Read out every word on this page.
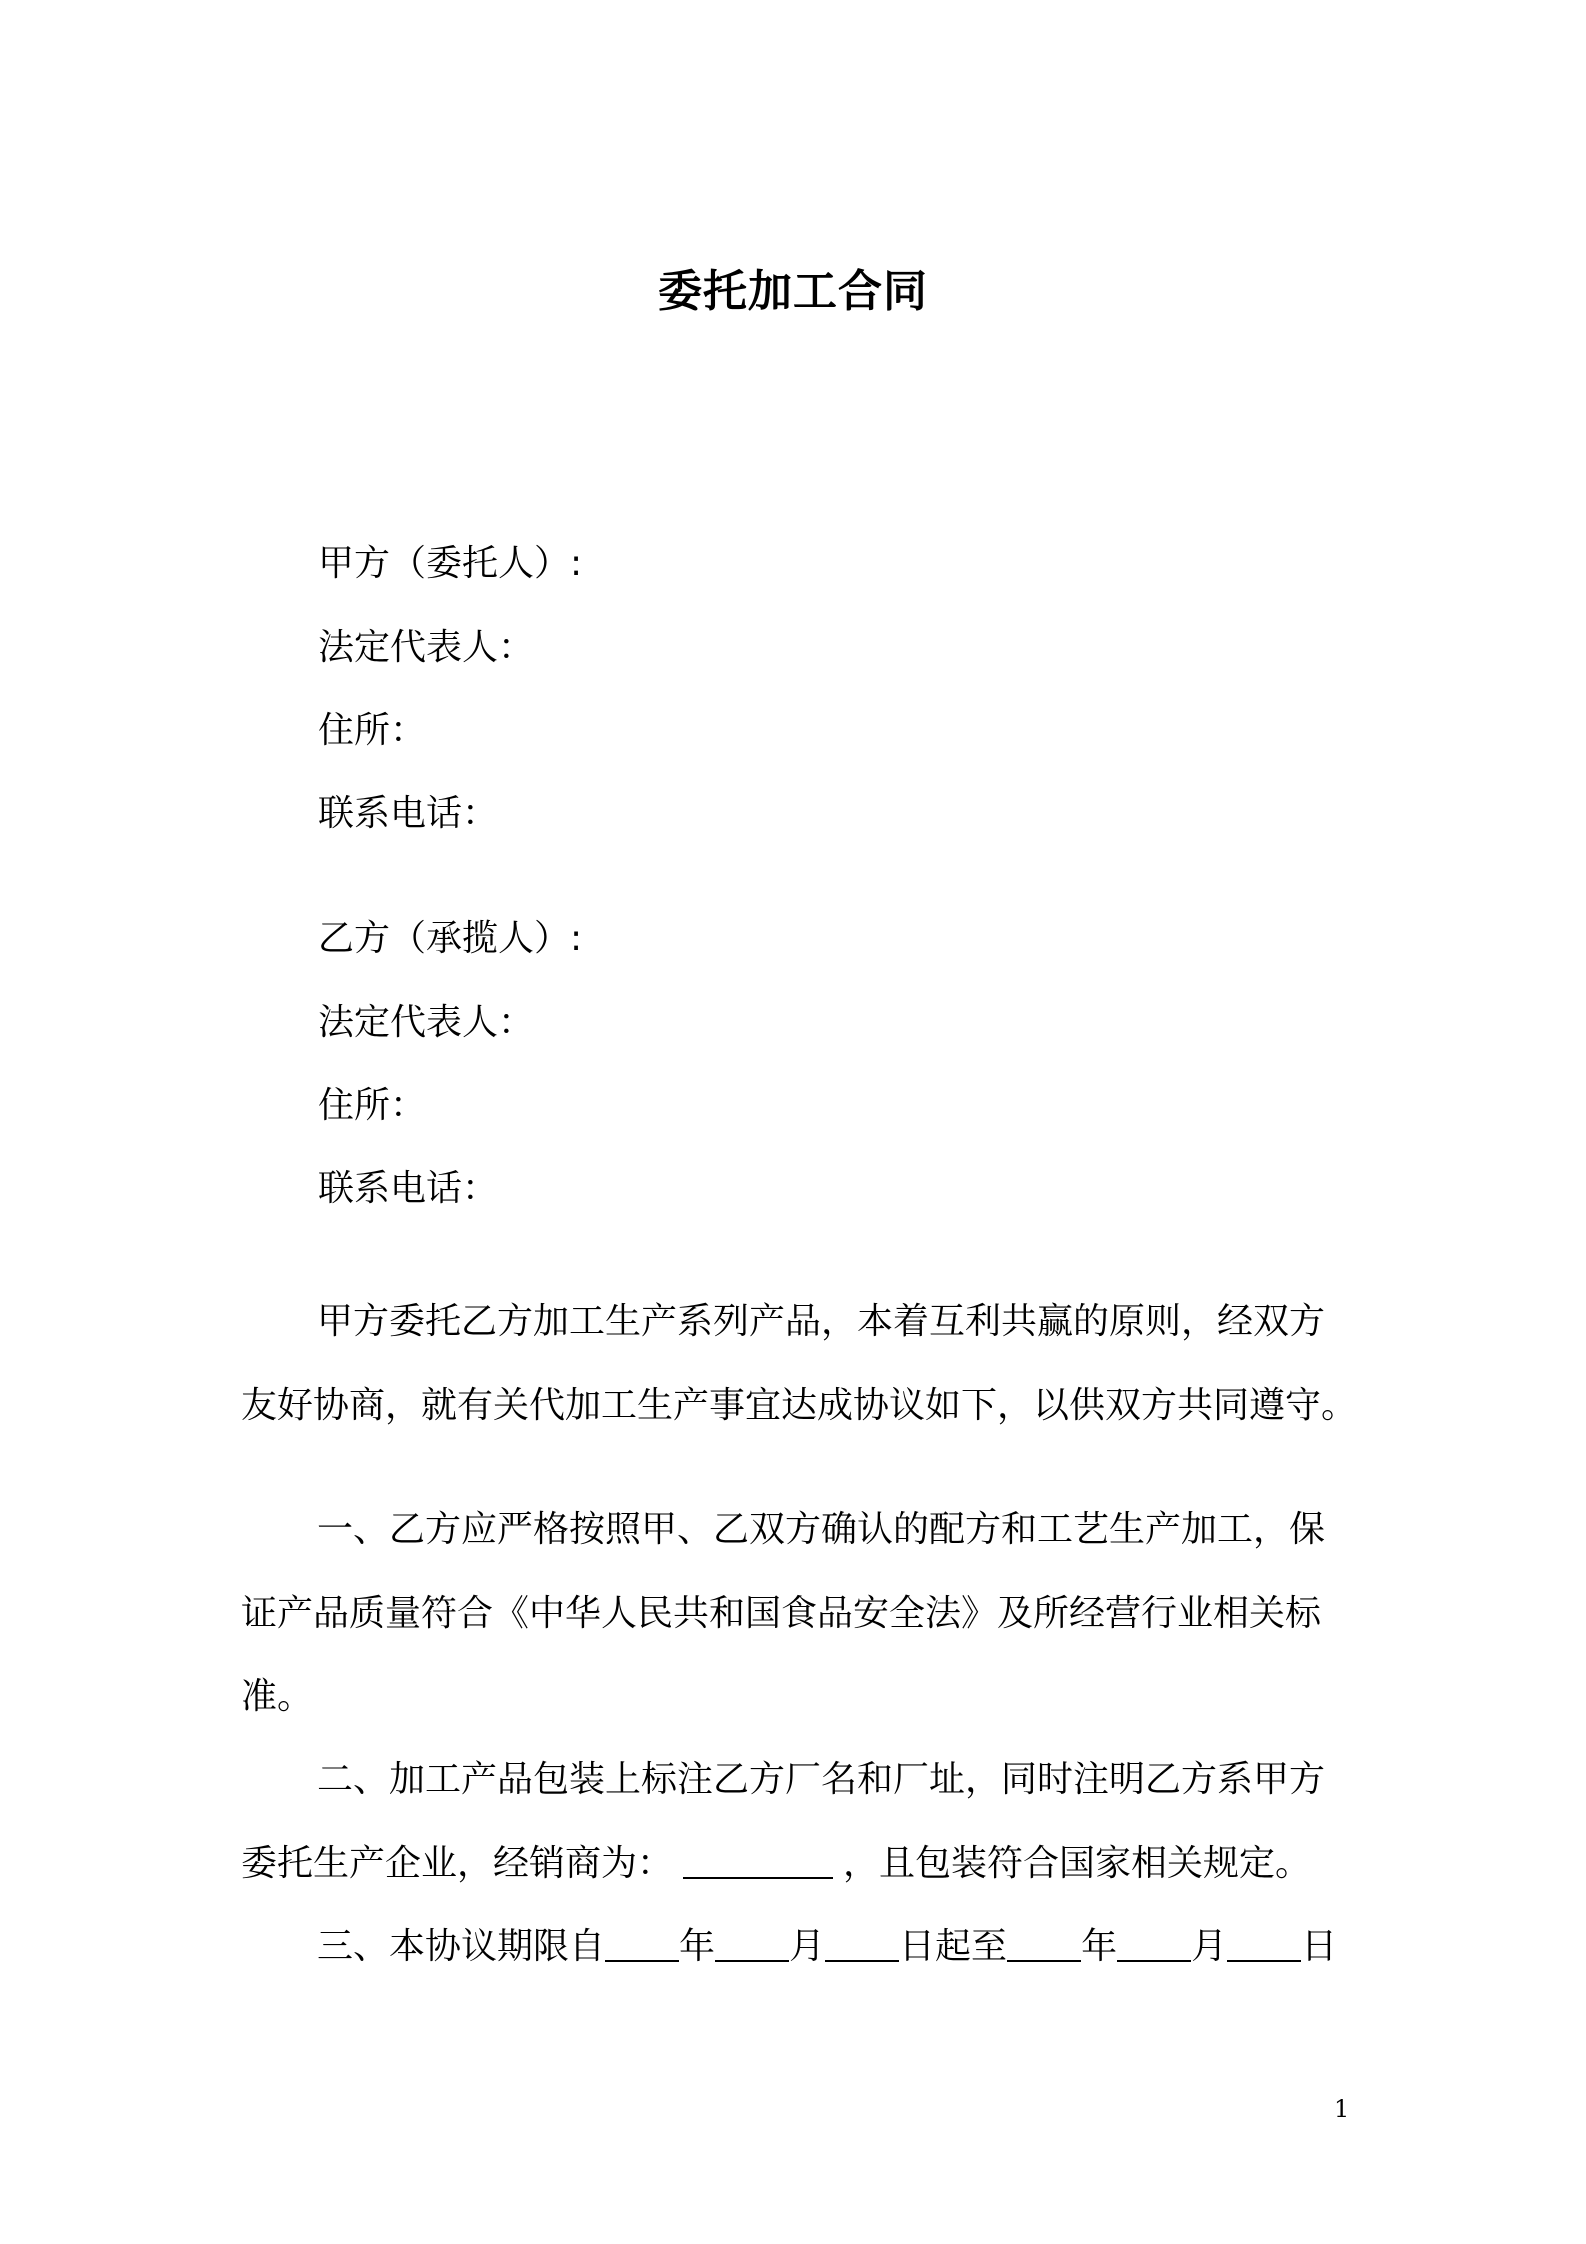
委托加工合同
甲方（委托人）:
法定代表人：
住所：
联系电话：
乙方（承揽人）:
法定代表人：
住所：
联系电话：
甲方委托乙方加工生产系列产品，本着互利共赢的原则，经双方
友好协商，就有关代加工生产事宜达成协议如下，以供双方共同遵守。
一、乙方应严格按照甲、乙双方确认的配方和工艺生产加工，保
证产品质量符合《中华人民共和国食品安全法》及所经营行业相关标
准。
二、加工产品包装上标注乙方厂名和厂址，同时注明乙方系甲方
委托生产企业，经销商为：	，且包装符合国家相关规定。
三、本协议期限自 年 月 日起至 年 月 日
1
